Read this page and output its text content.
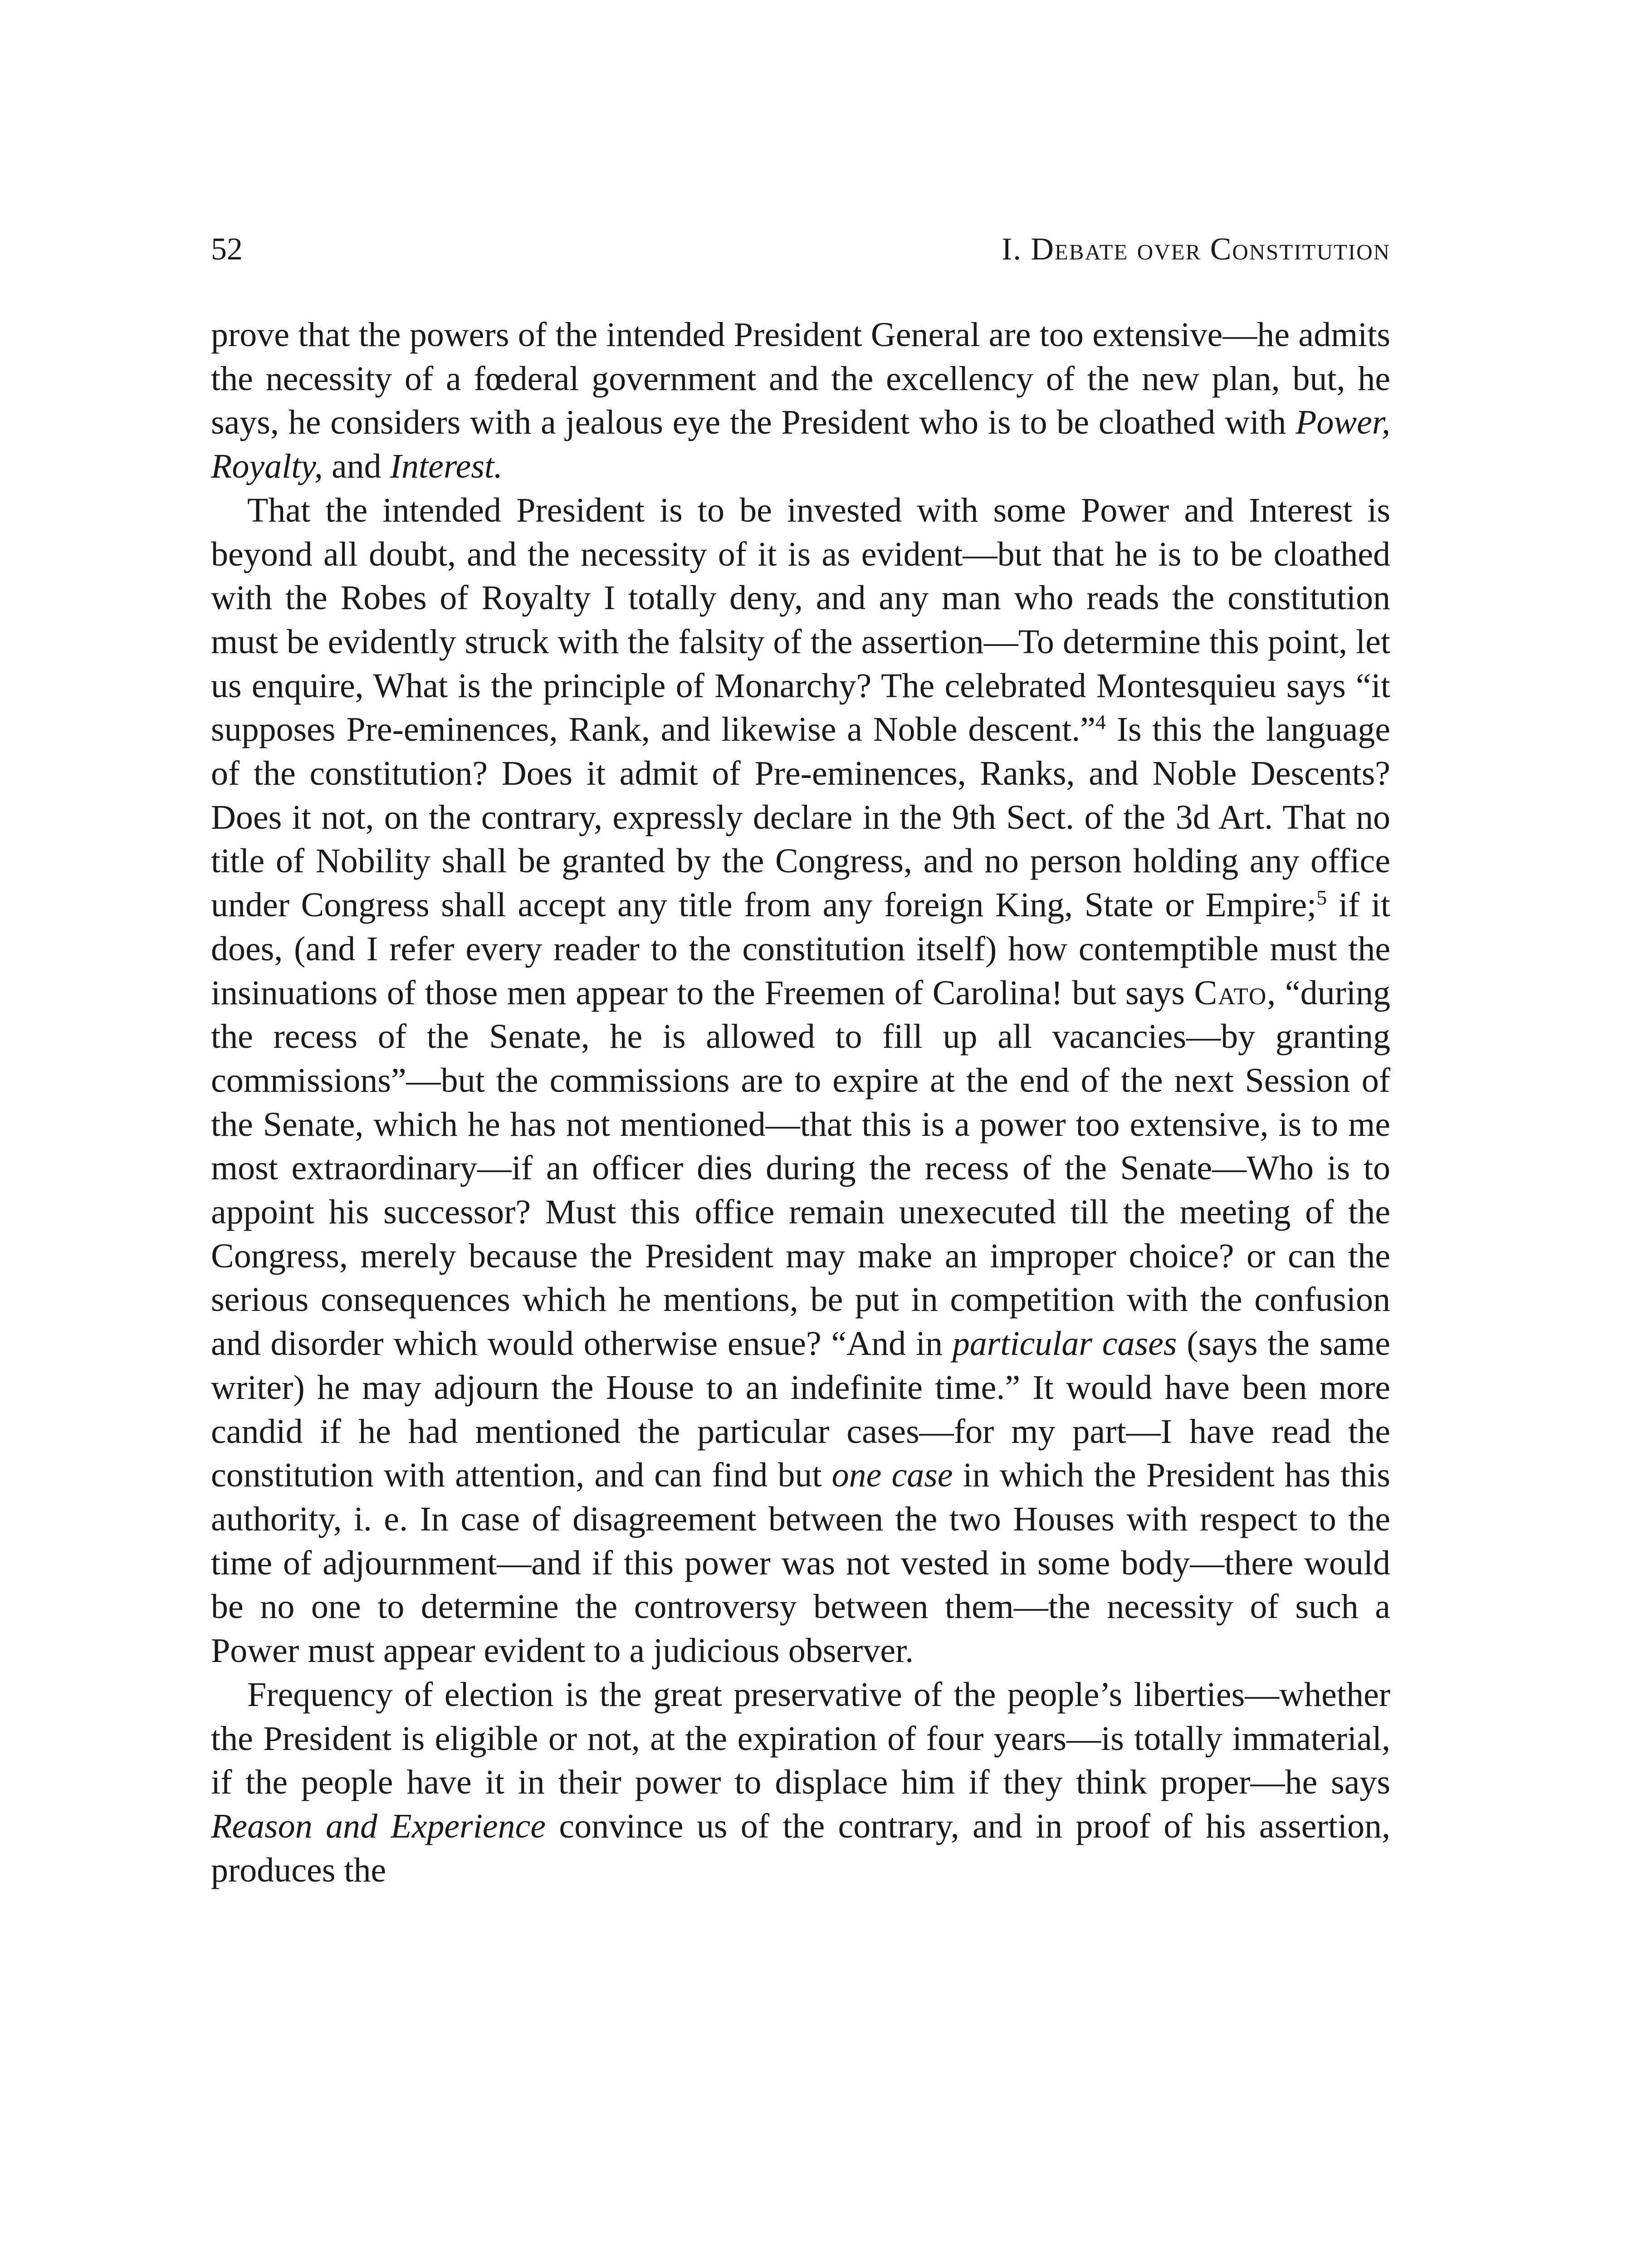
52	I. Debate over Constitution

prove that the powers of the intended President General are too extensive—he admits the necessity of a fœderal government and the excellency of the new plan, but, he says, he considers with a jealous eye the President who is to be cloathed with Power, Royalty, and Interest.

That the intended President is to be invested with some Power and Interest is beyond all doubt, and the necessity of it is as evident—but that he is to be cloathed with the Robes of Royalty I totally deny, and any man who reads the constitution must be evidently struck with the falsity of the assertion—To determine this point, let us enquire, What is the principle of Monarchy? The celebrated Montesquieu says “it supposes Pre-eminences, Rank, and likewise a Noble descent.”$^4$ Is this the language of the constitution? Does it admit of Pre-eminences, Ranks, and Noble Descents? Does it not, on the contrary, expressly declare in the 9th Sect. of the 3d Art. That no title of Nobility shall be granted by the Congress, and no person holding any office under Congress shall accept any title from any foreign King, State or Empire;$^5$ if it does, (and I refer every reader to the constitution itself) how contemptible must the insinuations of those men appear to the Freemen of Carolina! but says Cato, “during the recess of the Senate, he is allowed to fill up all vacancies—by granting commissions”—but the commissions are to expire at the end of the next Session of the Senate, which he has not mentioned—that this is a power too extensive, is to me most extraordinary—if an officer dies during the recess of the Senate—Who is to appoint his successor? Must this office remain unexecuted till the meeting of the Congress, merely because the President may make an improper choice? or can the serious consequences which he mentions, be put in competition with the confusion and disorder which would otherwise ensue? “And in particular cases (says the same writer) he may adjourn the House to an indefinite time.” It would have been more candid if he had mentioned the particular cases—for my part—I have read the constitution with attention, and can find but one case in which the President has this authority, i. e. In case of disagreement between the two Houses with respect to the time of adjournment—and if this power was not vested in some body—there would be no one to determine the controversy between them—the necessity of such a Power must appear evident to a judicious observer.

Frequency of election is the great preservative of the people’s liberties—whether the President is eligible or not, at the expiration of four years—is totally immaterial, if the people have it in their power to displace him if they think proper—he says Reason and Experience convince us of the contrary, and in proof of his assertion, produces the
